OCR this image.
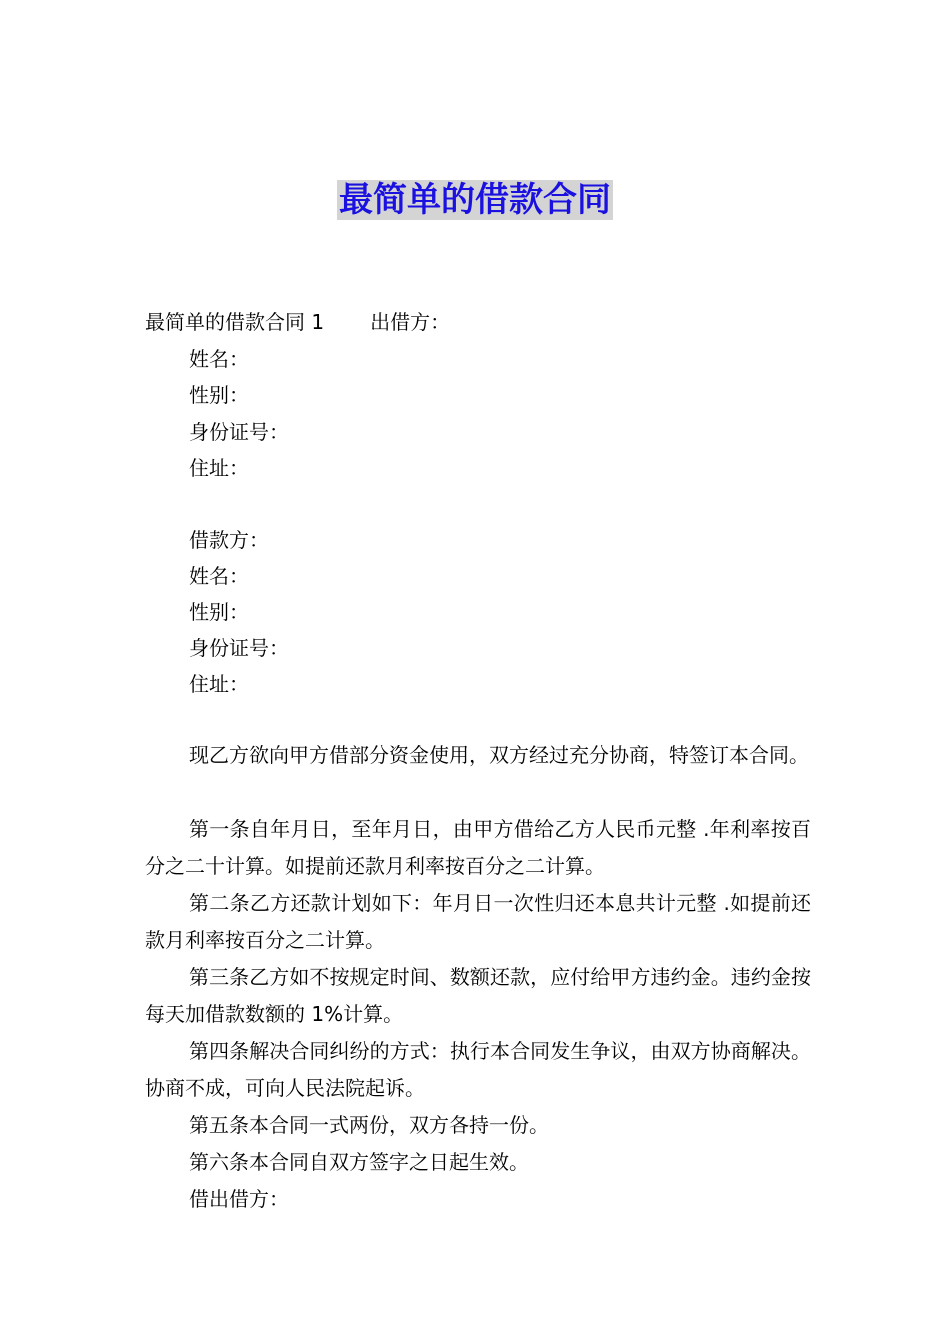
最简单的借款合同
最简单的借款合同 1 出借方：
姓名：
性别：
身份证号：
住址：
借款方：
姓名：
性别：
身份证号：
住址：
现乙方欲向甲方借部分资金使用，双方经过充分协商，特签订本合同。
第一条自年月日，至年月日，由甲方借给乙方人民币元整 .年利率按百分之二十计算。如提前还款月利率按百分之二计算。
第二条乙方还款计划如下：年月日一次性归还本息共计元整 .如提前还款月利率按百分之二计算。
第三条乙方如不按规定时间、数额还款，应付给甲方违约金。违约金按每天加借款数额的 1%计算。
第四条解决合同纠纷的方式：执行本合同发生争议，由双方协商解决。协商不成，可向人民法院起诉。
第五条本合同一式两份，双方各持一份。
第六条本合同自双方签字之日起生效。
借出借方：
